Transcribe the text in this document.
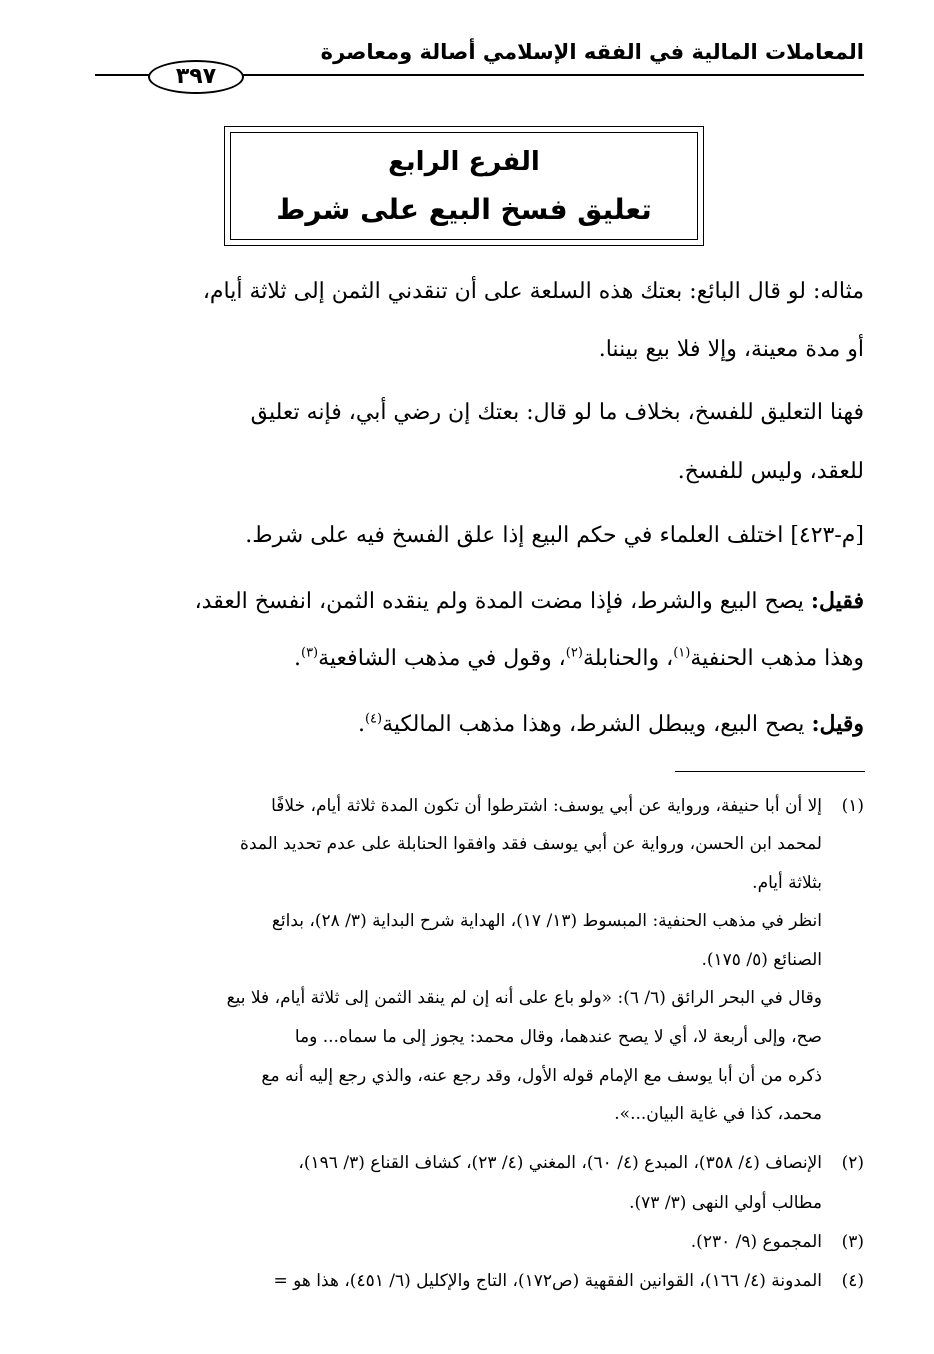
المعاملات المالية في الفقه الإسلامي أصالة ومعاصرة
٣٩٧
الفرع الرابع
تعليق فسخ البيع على شرط
مثاله: لو قال البائع: بعتك هذه السلعة على أن تنقدني الثمن إلى ثلاثة أيام،
أو مدة معينة، وإلا فلا بيع بيننا.
فهنا التعليق للفسخ، بخلاف ما لو قال: بعتك إن رضي أبي، فإنه تعليق
للعقد، وليس للفسخ.
[م-٤٢٣] اختلف العلماء في حكم البيع إذا علق الفسخ فيه على شرط.
فقيل: يصح البيع والشرط، فإذا مضت المدة ولم ينقده الثمن، انفسخ العقد،
وهذا مذهب الحنفية$^{(١)}$، والحنابلة$^{(٢)}$، وقول في مذهب الشافعية$^{(٣)}$.
وقيل: يصح البيع، ويبطل الشرط، وهذا مذهب المالكية$^{(٤)}$.
(١)إلا أن أبا حنيفة، ورواية عن أبي يوسف: اشترطوا أن تكون المدة ثلاثة أيام، خلافًا
لمحمد ابن الحسن، ورواية عن أبي يوسف فقد وافقوا الحنابلة على عدم تحديد المدة
بثلاثة أيام.
انظر في مذهب الحنفية: المبسوط (١٣/ ١٧)، الهداية شرح البداية (٣/ ٢٨)، بدائع
الصنائع (٥/ ١٧٥).
وقال في البحر الرائق (٦/ ٦): «ولو باع على أنه إن لم ينقد الثمن إلى ثلاثة أيام، فلا بيع
صح، وإلى أربعة لا، أي لا يصح عندهما، وقال محمد: يجوز إلى ما سماه... وما
ذكره من أن أبا يوسف مع الإمام قوله الأول، وقد رجع عنه، والذي رجع إليه أنه مع
محمد، كذا في غاية البيان...».
(٢)الإنصاف (٤/ ٣٥٨)، المبدع (٤/ ٦٠)، المغني (٤/ ٢٣)، كشاف القناع (٣/ ١٩٦)،
مطالب أولي النهى (٣/ ٧٣).
(٣)المجموع (٩/ ٢٣٠).
(٤)المدونة (٤/ ١٦٦)، القوانين الفقهية (ص١٧٢)، التاج والإكليل (٦/ ٤٥١)، هذا هو =
